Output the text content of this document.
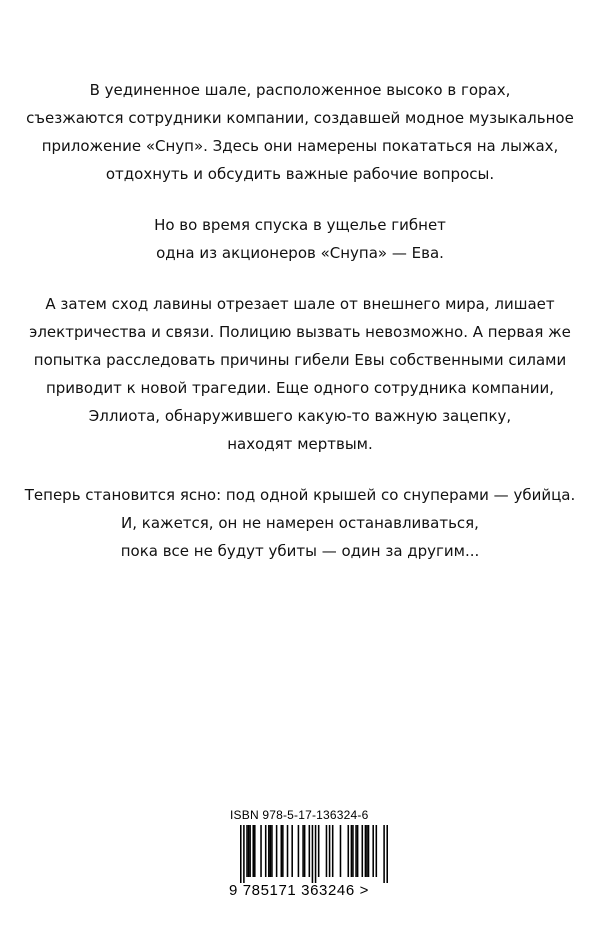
В уединенное шале, расположенное высоко в горах,
съезжаются сотрудники компании, создавшей модное музыкальное
приложение «Снуп». Здесь они намерены покататься на лыжах,
отдохнуть и обсудить важные рабочие вопросы.

Но во время спуска в ущелье гибнет
одна из акционеров «Снупа» — Ева.

А затем сход лавины отрезает шале от внешнего мира, лишает
электричества и связи. Полицию вызвать невозможно. А первая же
попытка расследовать причины гибели Евы собственными силами
приводит к новой трагедии. Еще одного сотрудника компании,
Эллиота, обнаружившего какую-то важную зацепку,
находят мертвым.

Теперь становится ясно: под одной крышей со снуперами — убийца.
И, кажется, он не намерен останавливаться,
пока все не будут убиты — один за другим...

ISBN 978-5-17-136324-6
9 785171 363246 >
